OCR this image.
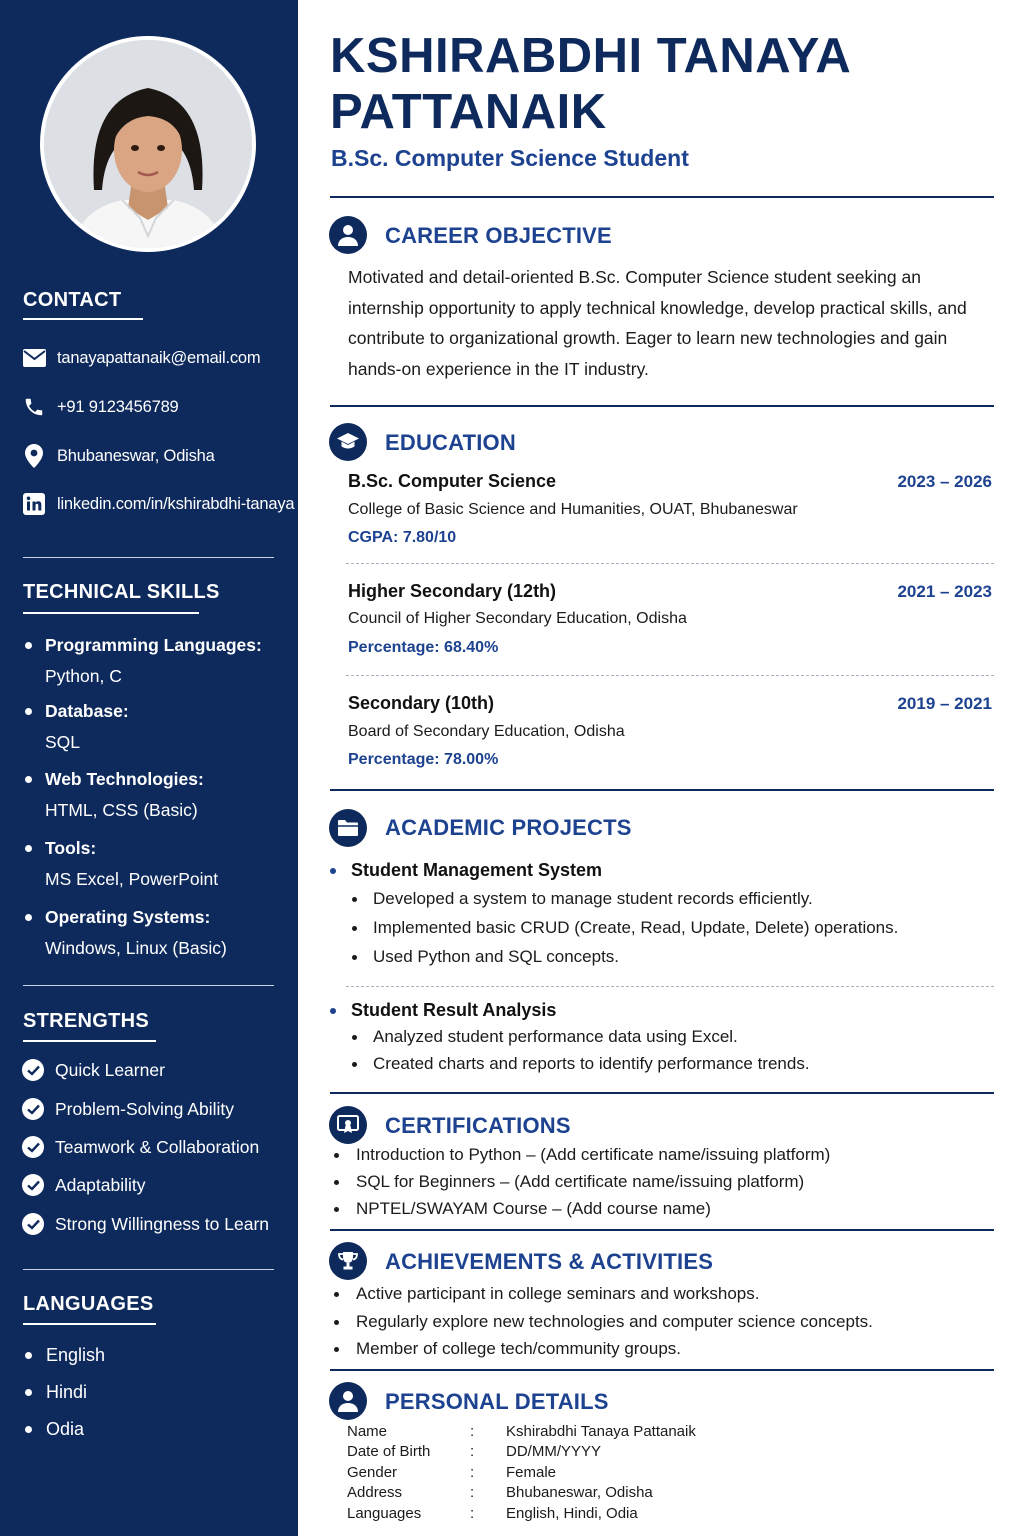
CONTACT
tanayapattanaik@email.com
+91 9123456789
Bhubaneswar, Odisha
linkedin.com/in/kshirabdhi-tanaya
TECHNICAL SKILLS
Programming Languages:
Python, C
Database:
SQL
Web Technologies:
HTML, CSS (Basic)
Tools:
MS Excel, PowerPoint
Operating Systems:
Windows, Linux (Basic)
STRENGTHS
Quick Learner
Problem-Solving Ability
Teamwork & Collaboration
Adaptability
Strong Willingness to Learn
LANGUAGES
English
Hindi
Odia
KSHIRABDHI TANAYA
PATTANAIK
B.Sc. Computer Science Student
CAREER OBJECTIVE
Motivated and detail-oriented B.Sc. Computer Science student seeking an internship opportunity to apply technical knowledge, develop practical skills, and contribute to organizational growth. Eager to learn new technologies and gain hands-on experience in the IT industry.
EDUCATION
B.Sc. Computer Science	2023 – 2026
College of Basic Science and Humanities, OUAT, Bhubaneswar
CGPA: 7.80/10
Higher Secondary (12th)	2021 – 2023
Council of Higher Secondary Education, Odisha
Percentage: 68.40%
Secondary (10th)	2019 – 2021
Board of Secondary Education, Odisha
Percentage: 78.00%
ACADEMIC PROJECTS
Student Management System
Developed a system to manage student records efficiently.
Implemented basic CRUD (Create, Read, Update, Delete) operations.
Used Python and SQL concepts.
Student Result Analysis
Analyzed student performance data using Excel.
Created charts and reports to identify performance trends.
CERTIFICATIONS
Introduction to Python – (Add certificate name/issuing platform)
SQL for Beginners – (Add certificate name/issuing platform)
NPTEL/SWAYAM Course – (Add course name)
ACHIEVEMENTS & ACTIVITIES
Active participant in college seminars and workshops.
Regularly explore new technologies and computer science concepts.
Member of college tech/community groups.
PERSONAL DETAILS
Name	: Kshirabdhi Tanaya Pattanaik
Date of Birth	: DD/MM/YYYY
Gender	: Female
Address	: Bhubaneswar, Odisha
Languages	: English, Hindi, Odia
